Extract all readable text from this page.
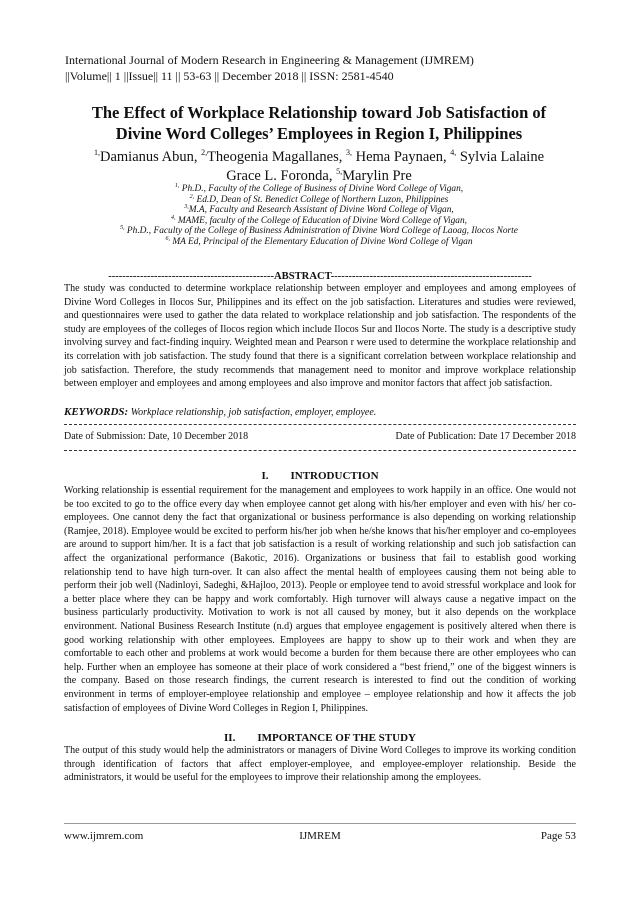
International Journal of Modern Research in Engineering & Management (IJMREM)
||Volume|| 1 ||Issue|| 11 || 53-63 || December 2018 || ISSN: 2581-4540
The Effect of Workplace Relationship toward Job Satisfaction of
Divine Word Colleges’ Employees in Region I, Philippines
$^{1,}$Damianus Abun, $^{2,}$Theogenia Magallanes, $^{3,}$ Hema Paynaen, $^{4,}$ Sylvia Lalaine
Grace L. Foronda, $^{5,}$Marylin Pre
$^{1,}$ Ph.D., Faculty of the College of Business of Divine Word College of Vigan,
$^{2,}$ Ed.D, Dean of St. Benedict College of Northern Luzon, Philippines
$^{3,}$M.A, Faculty and Research Assistant of Divine Word College of Vigan,
$^{4,}$ MAME, faculty of the College of Education of Divine Word College of Vigan,
$^{5,}$ Ph.D., Faculty of the College of Business Administration of Divine Word College of Laoag, Ilocos Norte
$^{6,}$ MA Ed, Principal of the Elementary Education of Divine Word College of Vigan
-----------------------------------------------ABSTRACT---------------------------------------------------------
The study was conducted to determine workplace relationship between employer and employees and among employees of Divine Word Colleges in Ilocos Sur, Philippines and its effect on the job satisfaction. Literatures and studies were reviewed, and questionnaires were used to gather the data related to workplace relationship and job satisfaction. The respondents of the study are employees of the colleges of Ilocos region which include Ilocos Sur and Ilocos Norte. The study is a descriptive study involving survey and fact-finding inquiry. Weighted mean and Pearson r were used to determine the workplace relationship and its correlation with job satisfaction. The study found that there is a significant correlation between workplace relationship and job satisfaction. Therefore, the study recommends that management need to monitor and improve workplace relationship between employer and employees and among employees and also improve and monitor factors that affect job satisfaction.
KEYWORDS: Workplace relationship, job satisfaction, employer, employee.
Date of Submission: Date, 10 December 2018	Date of Publication: Date 17 December 2018
I. INTRODUCTION
Working relationship is essential requirement for the management and employees to work happily in an office. One would not be too excited to go to the office every day when employee cannot get along with his/her employer and even with his/ her co-employees. One cannot deny the fact that organizational or business performance is also depending on working relationship (Ramjee, 2018). Employee would be excited to perform his/her job when he/she knows that his/her employer and co-employees are around to support him/her. It is a fact that job satisfaction is a result of working relationship and such job satisfaction can affect the organizational performance (Bakotic, 2016). Organizations or business that fail to establish good working relationship tend to have high turn-over. It can also affect the mental health of employees causing them not being able to perform their job well (Nadinloyi, Sadeghi, &Hajloo, 2013). People or employee tend to avoid stressful workplace and look for a better place where they can be happy and work comfortably. High turnover will always cause a negative impact on the business particularly productivity. Motivation to work is not all caused by money, but it also depends on the workplace environment. National Business Research Institute (n.d) argues that employee engagement is positively altered when there is good working relationship with other employees. Employees are happy to show up to their work and when they are comfortable to each other and problems at work would become a burden for them because there are other employees who can help. Further when an employee has someone at their place of work considered a “best friend,” one of the biggest winners is the company. Based on those research findings, the current research is interested to find out the condition of working environment in terms of employer-employee relationship and employee – employee relationship and how it affects the job satisfaction of employees of Divine Word Colleges in Region I, Philippines.
II. IMPORTANCE OF THE STUDY
The output of this study would help the administrators or managers of Divine Word Colleges to improve its working condition through identification of factors that affect employer-employee, and employee-employer relationship. Beside the administrators, it would be useful for the employees to improve their relationship among the employees.
www.ijmrem.com	IJMREM	Page 53
